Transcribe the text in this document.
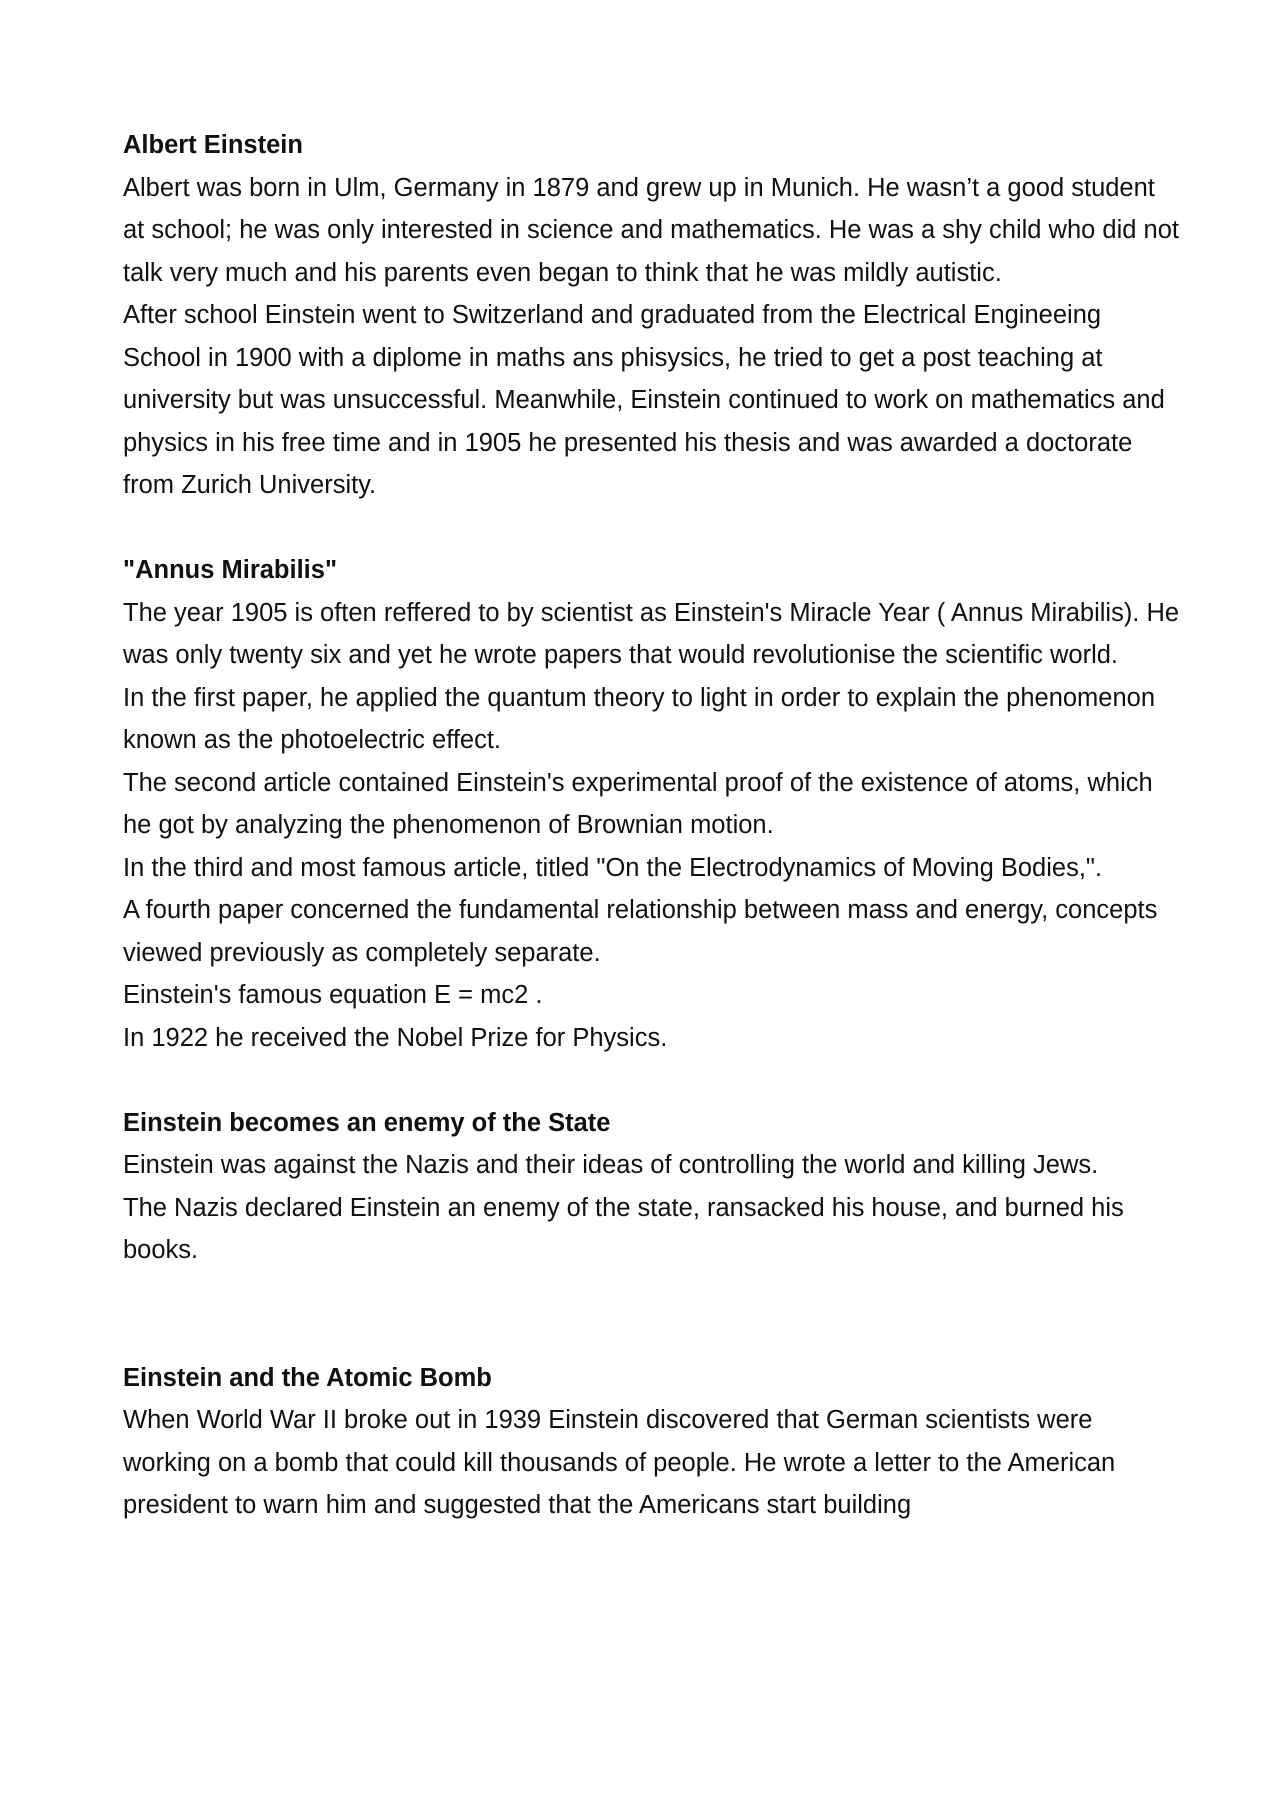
Albert Einstein

Albert was born in Ulm, Germany in 1879 and grew up in Munich. He wasn’t a good student at school; he was only interested in science and mathematics. He was a shy child who did not talk very much and his parents even began to think that he was mildly autistic.

After school Einstein went to Switzerland and graduated from the Electrical Engineeing School in 1900 with a diplome in maths ans phisysics, he tried to get a post teaching at university but was unsuccessful. Meanwhile, Einstein continued to work on mathematics and physics in his free time and in 1905 he presented his thesis and was awarded a doctorate from Zurich University.

"Annus Mirabilis"

The year 1905 is often reffered to by scientist as Einstein's Miracle Year ( Annus Mirabilis). He was only twenty six and yet he wrote papers that would revolutionise the scientific world.

In the first paper, he applied the quantum theory to light in order to explain the phenomenon known as the photoelectric effect.

The second article contained Einstein's experimental proof of the existence of atoms, which he got by analyzing the phenomenon of Brownian motion.

In the third and most famous article, titled "On the Electrodynamics of Moving Bodies,".

A fourth paper concerned the fundamental relationship between mass and energy, concepts viewed previously as completely separate.

Einstein's famous equation E = mc2 .

In 1922 he received the Nobel Prize for Physics.

Einstein becomes an enemy of the State

Einstein was against the Nazis and their ideas of controlling the world and killing Jews.

The Nazis declared Einstein an enemy of the state, ransacked his house, and burned his books.

Einstein and the Atomic Bomb

When World War II broke out in 1939 Einstein discovered that German scientists were working on a bomb that could kill thousands of people. He wrote a letter to the American president to warn him and suggested that the Americans start building
